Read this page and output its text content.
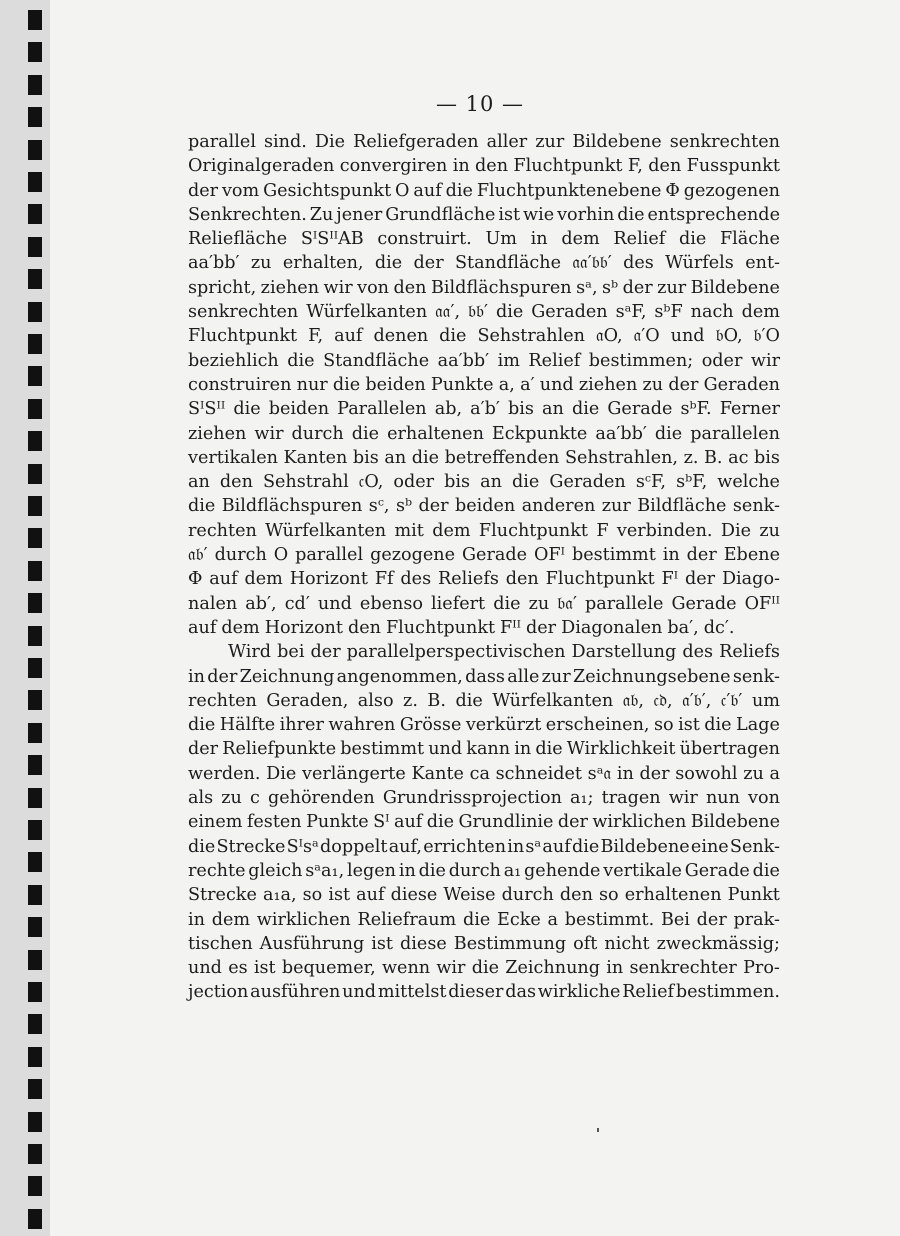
— 10 —
parallel sind. Die Reliefgeraden aller zur Bildebene senkrechten
Originalgeraden convergiren in den Fluchtpunkt F, den Fusspunkt
der vom Gesichtspunkt O auf die Fluchtpunktenebene Φ gezogenen
Senkrechten. Zu jener Grundfläche ist wie vorhin die entsprechende
Reliefläche SᴵSᴵᴵAB construirt. Um in dem Relief die Fläche
aa′bb′ zu erhalten, die der Standfläche 𝔞𝔞′𝔟𝔟′ des Würfels ent-
spricht, ziehen wir von den Bildflächspuren sᵃ, sᵇ der zur Bildebene
senkrechten Würfelkanten 𝔞𝔞′, 𝔟𝔟′ die Geraden sᵃF, sᵇF nach dem
Fluchtpunkt F, auf denen die Sehstrahlen 𝔞O, 𝔞′O und 𝔟O, 𝔟′O
beziehlich die Standfläche aa′bb′ im Relief bestimmen; oder wir
construiren nur die beiden Punkte a, a′ und ziehen zu der Geraden
SᴵSᴵᴵ die beiden Parallelen ab, a′b′ bis an die Gerade sᵇF. Ferner
ziehen wir durch die erhaltenen Eckpunkte aa′bb′ die parallelen
vertikalen Kanten bis an die betreffenden Sehstrahlen, z. B. ac bis
an den Sehstrahl 𝔠O, oder bis an die Geraden sᶜF, sᵇF, welche
die Bildflächspuren sᶜ, sᵇ der beiden anderen zur Bildfläche senk-
rechten Würfelkanten mit dem Fluchtpunkt F verbinden. Die zu
𝔞𝔟′ durch O parallel gezogene Gerade OFᴵ bestimmt in der Ebene
Φ auf dem Horizont Ff des Reliefs den Fluchtpunkt Fᴵ der Diago-
nalen ab′, cd′ und ebenso liefert die zu 𝔟𝔞′ parallele Gerade OFᴵᴵ
auf dem Horizont den Fluchtpunkt Fᴵᴵ der Diagonalen ba′, dc′.
Wird bei der parallelperspectivischen Darstellung des Reliefs
in der Zeichnung angenommen, dass alle zur Zeichnungsebene senk-
rechten Geraden, also z. B. die Würfelkanten 𝔞𝔟, 𝔠𝔡, 𝔞′𝔟′, 𝔠′𝔟′ um
die Hälfte ihrer wahren Grösse verkürzt erscheinen, so ist die Lage
der Reliefpunkte bestimmt und kann in die Wirklichkeit übertragen
werden. Die verlängerte Kante ca schneidet sᵃ𝔞 in der sowohl zu a
als zu c gehörenden Grundrissprojection a₁; tragen wir nun von
einem festen Punkte Sᴵ auf die Grundlinie der wirklichen Bildebene
die Strecke Sᴵsᵃ doppelt auf, errichten in sᵃ auf die Bildebene eine Senk-
rechte gleich sᵃa₁, legen in die durch a₁ gehende vertikale Gerade die
Strecke a₁a, so ist auf diese Weise durch den so erhaltenen Punkt
in dem wirklichen Reliefraum die Ecke a bestimmt. Bei der prak-
tischen Ausführung ist diese Bestimmung oft nicht zweckmässig;
und es ist bequemer, wenn wir die Zeichnung in senkrechter Pro-
jection ausführen und mittelst dieser das wirkliche Relief bestimmen.
